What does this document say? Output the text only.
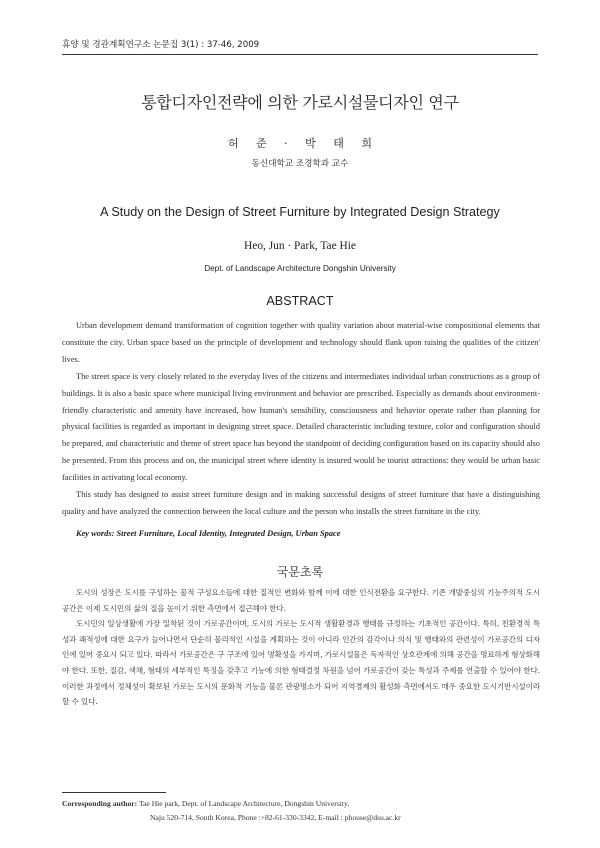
휴양 및 경관계획연구소 논문집 3(1) : 37-46, 2009
통합디자인전략에 의한 가로시설물디자인 연구
허 준 · 박 태 희
동신대학교 조경학과 교수
A Study on the Design of Street Furniture by Integrated Design Strategy
Heo, Jun · Park, Tae Hie
Dept. of Landscape Architecture Dongshin University
ABSTRACT

Urban development demand transformation of cognition together with quality variation about material-wise compositional elements that constitute the city. Urban space based on the principle of development and technology should flank upon raising the qualities of the citizen' lives.

The street space is very closely related to the everyday lives of the citizens and intermediates individual urban constructions as a group of buildings. It is also a basic space where municipal living environment and behavior are prescribed. Especially as demands about environment-friendly characteristic and amenity have increased, how human's sensibility, consciousness and behavior operate rather than planning for physical facilities is regarded as important in designing street space. Detailed characteristic including texture, color and configuration should be prepared, and characteristic and theme of street space has beyond the standpoint of deciding configuration based on its capacity should also be presented. From this process and on, the municipal street where identity is insured would be tourist attractions: they would be urban basic facilities in activating local economy.

This study has designed to assist street furniture design and in making successful designs of street furniture that have a distinguishing quality and have analyzed the connection between the local culture and the person who installs the street furniture in the city.

Key words: Street Furniture, Local Identity, Integrated Design, Urban Space
국문초록

도시의 성장은 도시를 구성하는 물적 구성요소들에 대한 질적인 변화와 함께 이에 대한 인식전환을 요구한다. 기존 개발중심의 기능주의적 도시공간은 이제 도시민의 삶의 질을 높이기 위한 측면에서 접근해야 한다.

도시민의 일상생활에 가장 밀착된 것이 가로공간이며, 도시의 가로는 도시적 생활환경과 행태를 규정하는 기초적인 공간이다. 특히, 친환경적 특성과 쾌적성에 대한 요구가 늘어나면서 단순히 물리적인 시설을 계획하는 것이 아니라 인간의 감각이나 의식 및 행태와의 관련성이 가로공간의 디자인에 있어 중요시 되고 있다. 따라서 가로공간은 구 구조에 있어 명확성을 가지며, 가로시설물은 독자적인 상호관계에 의해 공간을 명료하게 형상화해야 한다. 또한, 질감, 색채, 형태의 세부적인 특징을 갖추고 기능에 의한 형태결정 차원을 넘어 가로공간이 갖는 특성과 주제를 연출할 수 있어야 한다. 이러한 과정에서 정체성이 확보된 가로는 도시의 문화적 기능을 물론 관광명소가 되어 지역경제의 활성화 측면에서도 매우 중요한 도시기반시설이라 할 수 있다.

Corresponding author: Tae Hie park, Dept. of Landscape Architecture, Dongshin University,
Naju 520-714, South Korea, Phone :+82-61-330-3342, E-mail : phouse@dsu.ac.kr
